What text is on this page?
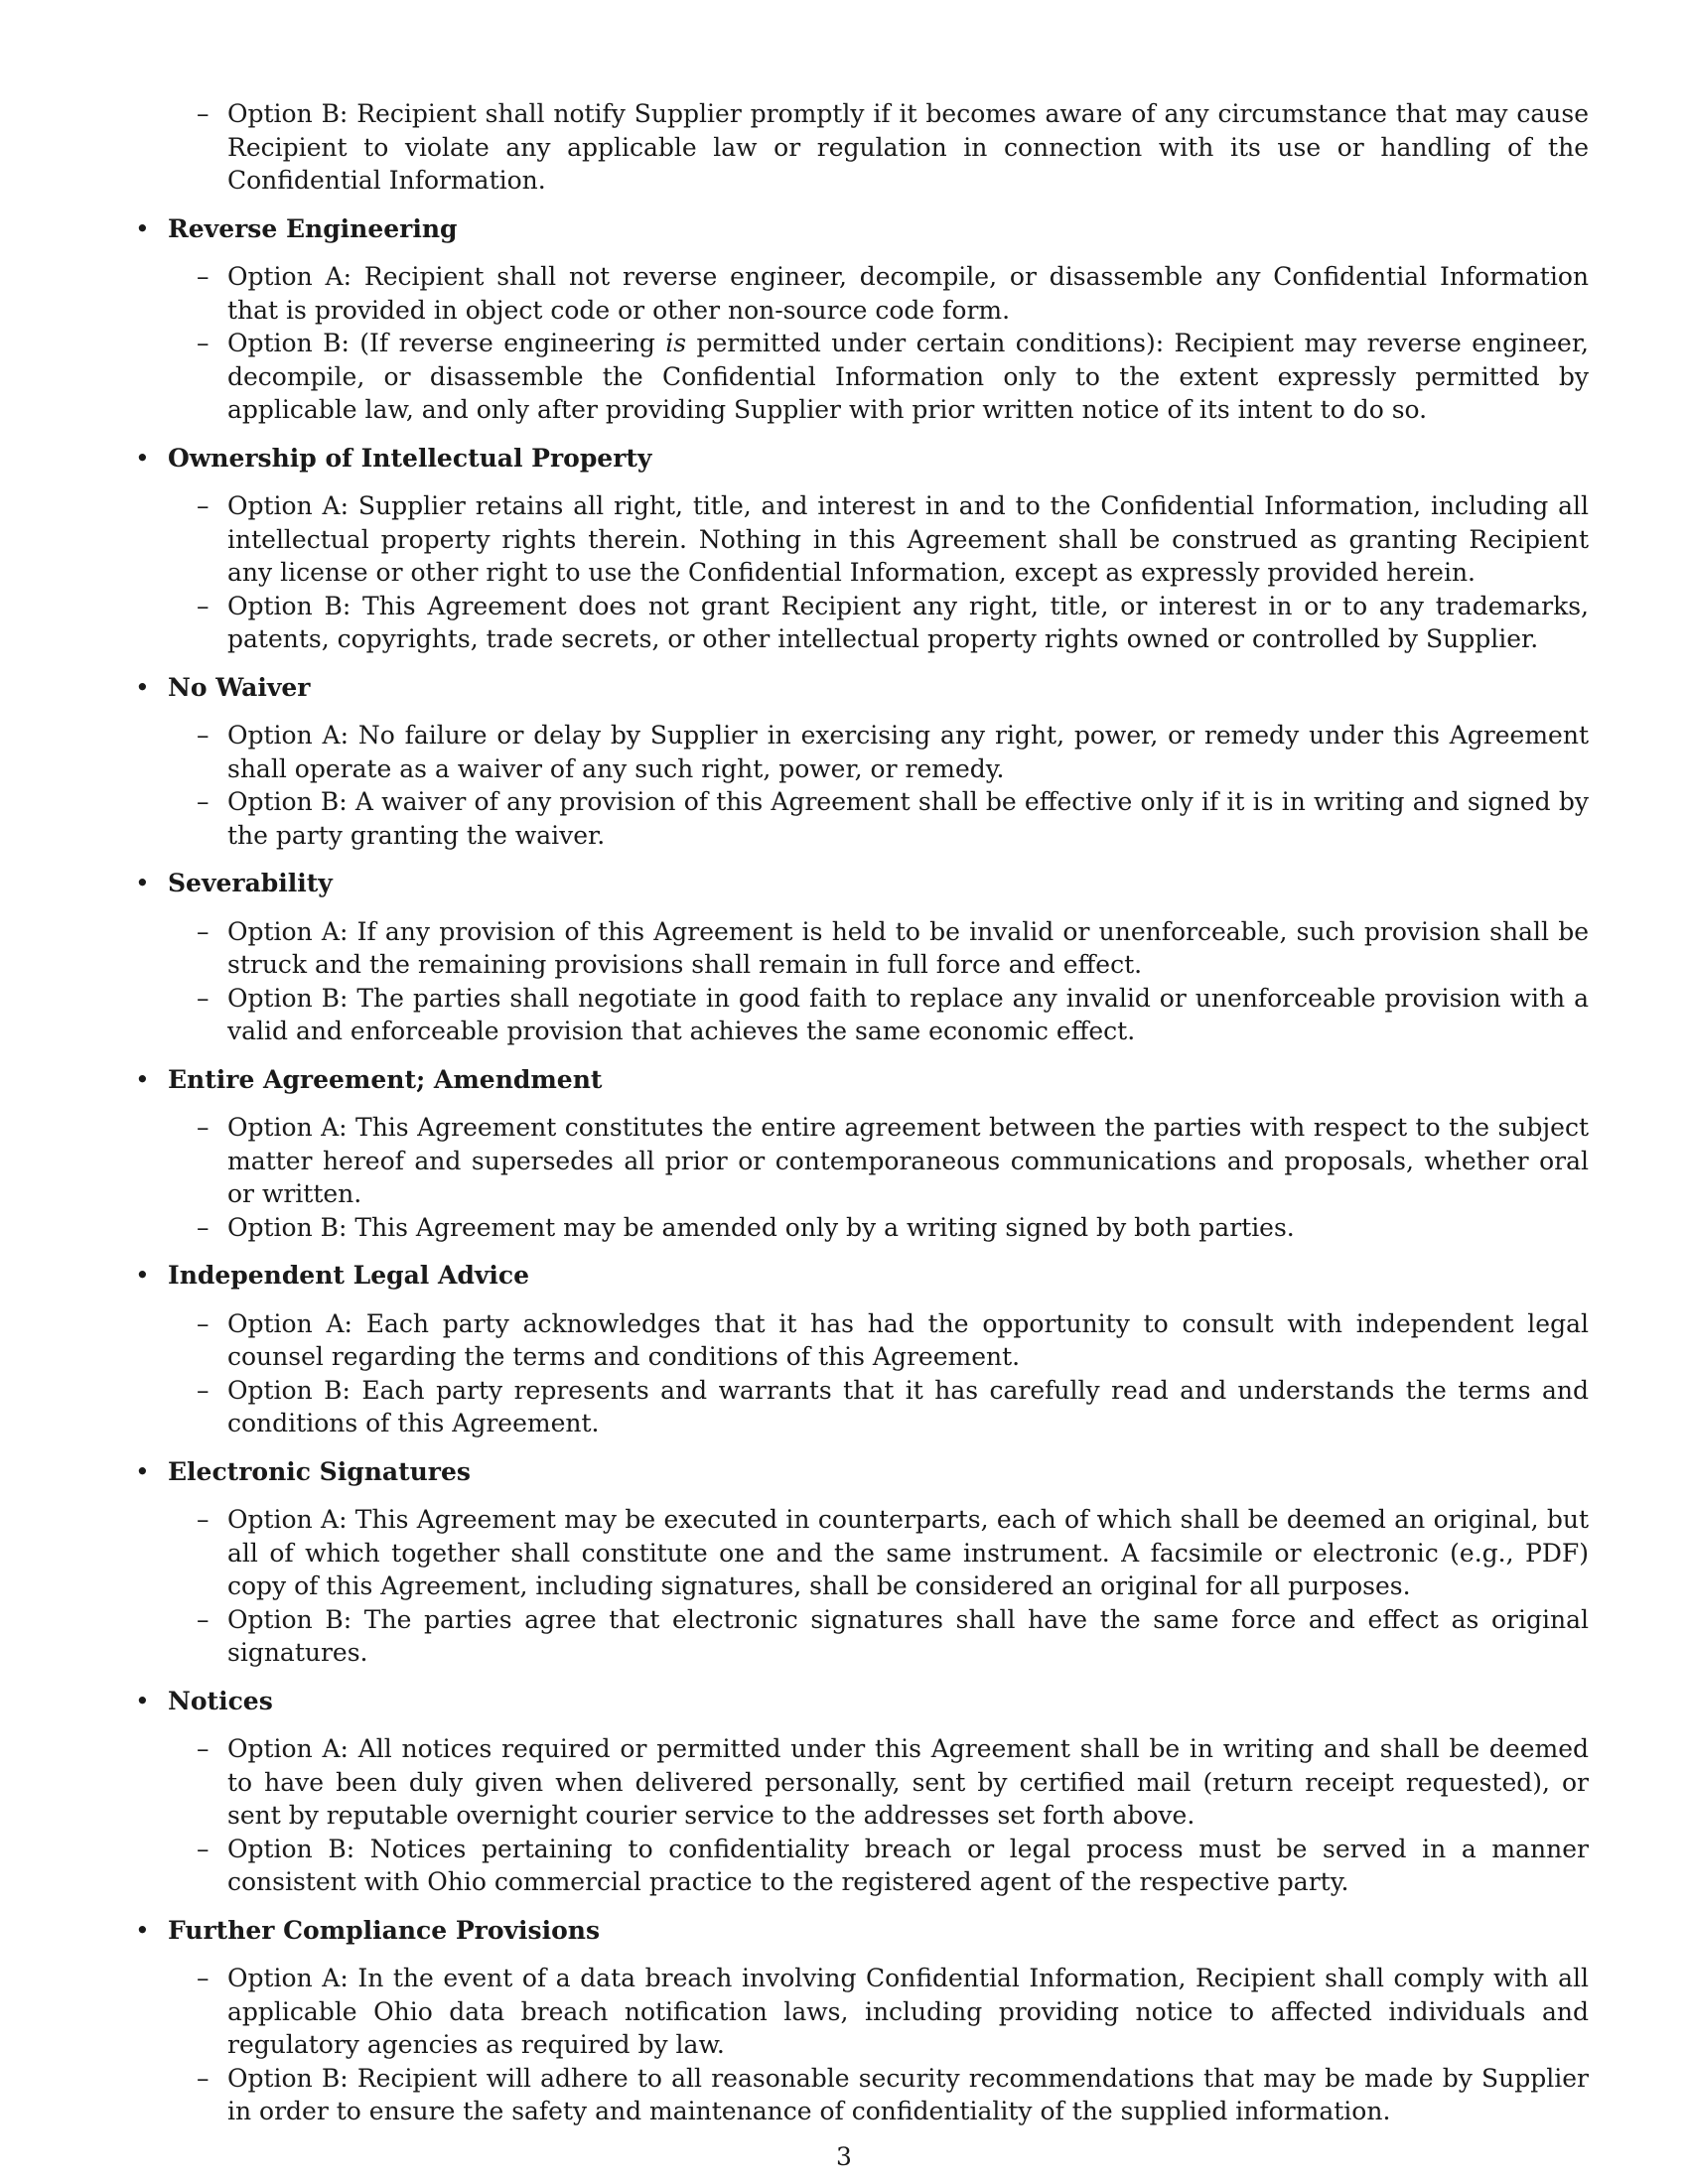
– Option B: Recipient shall notify Supplier promptly if it becomes aware of any circumstance that may cause Recipient to violate any applicable law or regulation in connection with its use or handling of the Confidential Information.
• Reverse Engineering
– Option A: Recipient shall not reverse engineer, decompile, or disassemble any Confidential Information that is provided in object code or other non-source code form.
– Option B: (If reverse engineering is permitted under certain conditions): Recipient may reverse engineer, decompile, or disassemble the Confidential Information only to the extent expressly permitted by applicable law, and only after providing Supplier with prior written notice of its intent to do so.
• Ownership of Intellectual Property
– Option A: Supplier retains all right, title, and interest in and to the Confidential Information, including all intellectual property rights therein. Nothing in this Agreement shall be construed as granting Recipient any license or other right to use the Confidential Information, except as expressly provided herein.
– Option B: This Agreement does not grant Recipient any right, title, or interest in or to any trademarks, patents, copyrights, trade secrets, or other intellectual property rights owned or controlled by Supplier.
• No Waiver
– Option A: No failure or delay by Supplier in exercising any right, power, or remedy under this Agreement shall operate as a waiver of any such right, power, or remedy.
– Option B: A waiver of any provision of this Agreement shall be effective only if it is in writing and signed by the party granting the waiver.
• Severability
– Option A: If any provision of this Agreement is held to be invalid or unenforceable, such provision shall be struck and the remaining provisions shall remain in full force and effect.
– Option B: The parties shall negotiate in good faith to replace any invalid or unenforceable provision with a valid and enforceable provision that achieves the same economic effect.
• Entire Agreement; Amendment
– Option A: This Agreement constitutes the entire agreement between the parties with respect to the subject matter hereof and supersedes all prior or contemporaneous communications and proposals, whether oral or written.
– Option B: This Agreement may be amended only by a writing signed by both parties.
• Independent Legal Advice
– Option A: Each party acknowledges that it has had the opportunity to consult with independent legal counsel regarding the terms and conditions of this Agreement.
– Option B: Each party represents and warrants that it has carefully read and understands the terms and conditions of this Agreement.
• Electronic Signatures
– Option A: This Agreement may be executed in counterparts, each of which shall be deemed an original, but all of which together shall constitute one and the same instrument. A facsimile or electronic (e.g., PDF) copy of this Agreement, including signatures, shall be considered an original for all purposes.
– Option B: The parties agree that electronic signatures shall have the same force and effect as original signatures.
• Notices
– Option A: All notices required or permitted under this Agreement shall be in writing and shall be deemed to have been duly given when delivered personally, sent by certified mail (return receipt requested), or sent by reputable overnight courier service to the addresses set forth above.
– Option B: Notices pertaining to confidentiality breach or legal process must be served in a manner consistent with Ohio commercial practice to the registered agent of the respective party.
• Further Compliance Provisions
– Option A: In the event of a data breach involving Confidential Information, Recipient shall comply with all applicable Ohio data breach notification laws, including providing notice to affected individuals and regulatory agencies as required by law.
– Option B: Recipient will adhere to all reasonable security recommendations that may be made by Supplier in order to ensure the safety and maintenance of confidentiality of the supplied information.
3
